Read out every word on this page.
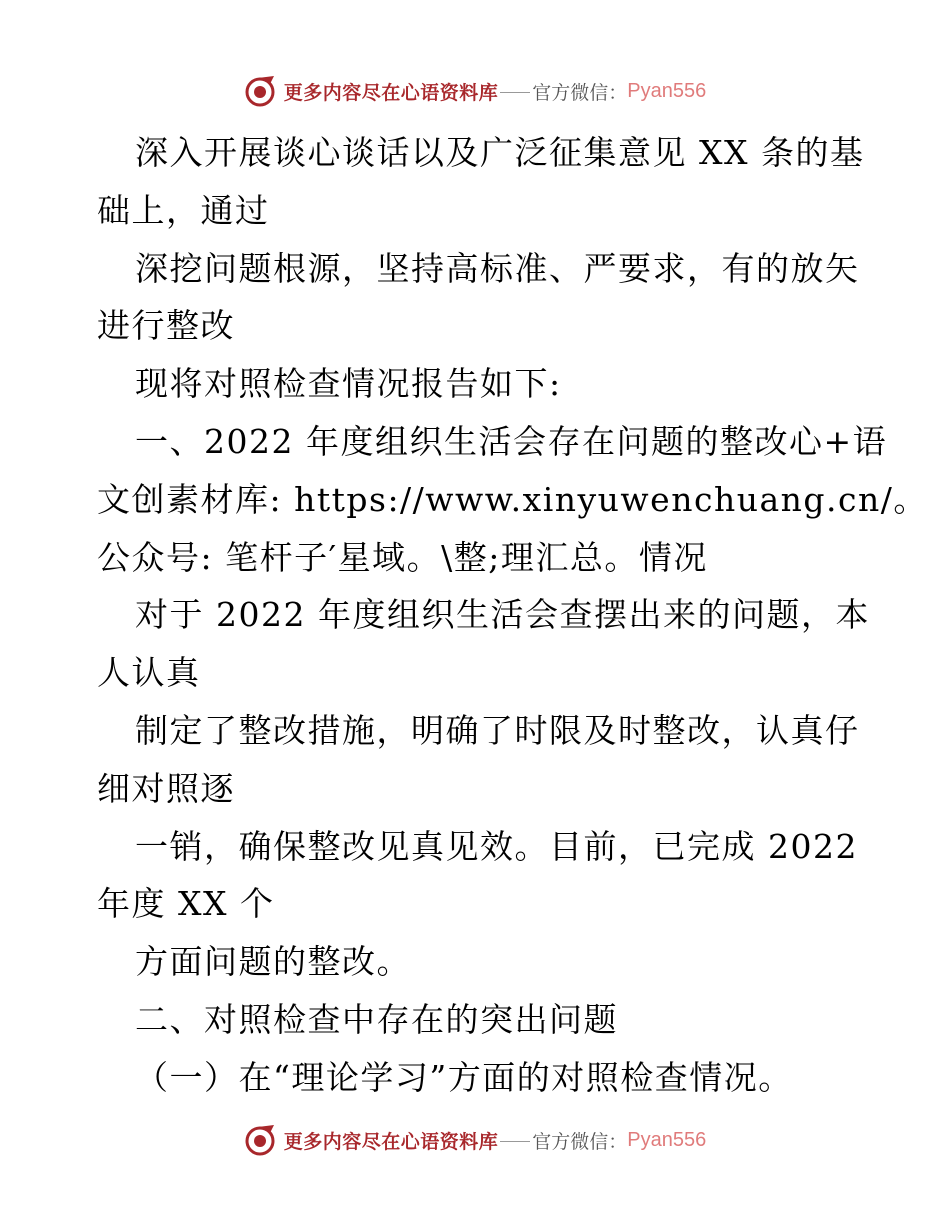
更多内容尽在心语资料库 官方微信： Pyan556
深入开展谈心谈话以及广泛征集意见 XX 条的基
础上，通过
深挖问题根源，坚持高标准、严要求，有的放矢
进行整改
现将对照检查情况报告如下:
一、2022 年度组织生活会存在问题的整改心+语
文创素材库: https://www.xinyuwenchuang.cn/。
公众号: 笔杆子′星域。\整;理汇总。情况
对于 2022 年度组织生活会查摆出来的问题，本
人认真
制定了整改措施，明确了时限及时整改，认真仔
细对照逐
一销，确保整改见真见效。目前，已完成 2022
年度 XX 个
方面问题的整改。
二、对照检查中存在的突出问题
（一）在“理论学习”方面的对照检查情况。
更多内容尽在心语资料库 官方微信： Pyan556
